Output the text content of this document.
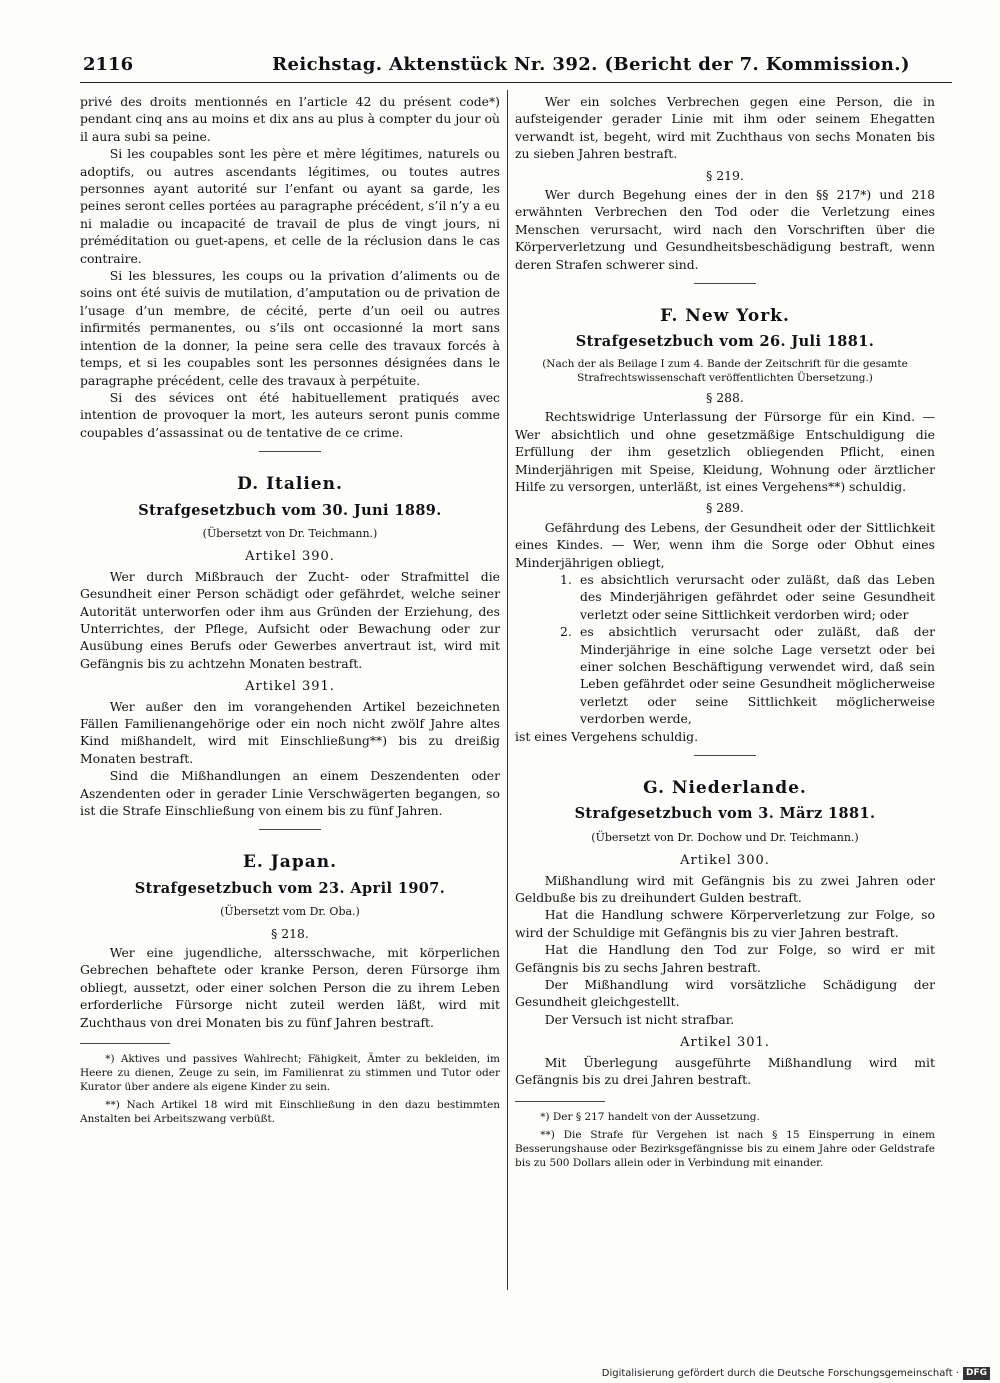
2116	Reichstag. Aktenstück Nr. 392. (Bericht der 7. Kommission.)

privé des droits mentionnés en l’article 42 du présent code*) pendant cinq ans au moins et dix ans au plus à compter du jour où il aura subi sa peine.

Si les coupables sont les père et mère légitimes, naturels ou adoptifs, ou autres ascendants légitimes, ou toutes autres personnes ayant autorité sur l’enfant ou ayant sa garde, les peines seront celles portées au paragraphe précédent, s’il n’y a eu ni maladie ou incapacité de travail de plus de vingt jours, ni préméditation ou guet-apens, et celle de la réclusion dans le cas contraire.

Si les blessures, les coups ou la privation d’aliments ou de soins ont été suivis de mutilation, d’amputation ou de privation de l’usage d’un membre, de cécité, perte d’un oeil ou autres infirmités permanentes, ou s’ils ont occasionné la mort sans intention de la donner, la peine sera celle des travaux forcés à temps, et si les coupables sont les personnes désignées dans le paragraphe précédent, celle des travaux à perpétuite.

Si des sévices ont été habituellement pratiqués avec intention de provoquer la mort, les auteurs seront punis comme coupables d’assassinat ou de tentative de ce crime.

D. Italien.
Strafgesetzbuch vom 30. Juni 1889.
(Übersetzt von Dr. Teichmann.)
Artikel 390.

Wer durch Mißbrauch der Zucht- oder Strafmittel die Gesundheit einer Person schädigt oder gefährdet, welche seiner Autorität unterworfen oder ihm aus Gründen der Erziehung, des Unterrichtes, der Pflege, Aufsicht oder Bewachung oder zur Ausübung eines Berufs oder Gewerbes anvertraut ist, wird mit Gefängnis bis zu achtzehn Monaten bestraft.

Artikel 391.

Wer außer den im vorangehenden Artikel bezeichneten Fällen Familienangehörige oder ein noch nicht zwölf Jahre altes Kind mißhandelt, wird mit Einschließung**) bis zu dreißig Monaten bestraft.

Sind die Mißhandlungen an einem Deszendenten oder Aszendenten oder in gerader Linie Verschwägerten begangen, so ist die Strafe Einschließung von einem bis zu fünf Jahren.

E. Japan.
Strafgesetzbuch vom 23. April 1907.
(Übersetzt vom Dr. Oba.)
§ 218.

Wer eine jugendliche, altersschwache, mit körperlichen Gebrechen behaftete oder kranke Person, deren Fürsorge ihm obliegt, aussetzt, oder einer solchen Person die zu ihrem Leben erforderliche Fürsorge nicht zuteil werden läßt, wird mit Zuchthaus von drei Monaten bis zu fünf Jahren bestraft.

*) Aktives und passives Wahlrecht; Fähigkeit, Ämter zu bekleiden, im Heere zu dienen, Zeuge zu sein, im Familienrat zu stimmen und Tutor oder Kurator über andere als eigene Kinder zu sein.

**) Nach Artikel 18 wird mit Einschließung in den dazu bestimmten Anstalten bei Arbeitszwang verbüßt.

Wer ein solches Verbrechen gegen eine Person, die in aufsteigender gerader Linie mit ihm oder seinem Ehegatten verwandt ist, begeht, wird mit Zuchthaus von sechs Monaten bis zu sieben Jahren bestraft.

§ 219.

Wer durch Begehung eines der in den §§ 217*) und 218 erwähnten Verbrechen den Tod oder die Verletzung eines Menschen verursacht, wird nach den Vorschriften über die Körperverletzung und Gesundheitsbeschädigung bestraft, wenn deren Strafen schwerer sind.

F. New York.
Strafgesetzbuch vom 26. Juli 1881.
(Nach der als Beilage I zum 4. Bande der Zeitschrift für die gesamte Strafrechtswissenschaft veröffentlichten Übersetzung.)
§ 288.

Rechtswidrige Unterlassung der Fürsorge für ein Kind. — Wer absichtlich und ohne gesetzmäßige Entschuldigung die Erfüllung der ihm gesetzlich obliegenden Pflicht, einen Minderjährigen mit Speise, Kleidung, Wohnung oder ärztlicher Hilfe zu versorgen, unterläßt, ist eines Vergehens**) schuldig.

§ 289.

Gefährdung des Lebens, der Gesundheit oder der Sittlichkeit eines Kindes. — Wer, wenn ihm die Sorge oder Obhut eines Minderjährigen obliegt,

1. es absichtlich verursacht oder zuläßt, daß das Leben des Minderjährigen gefährdet oder seine Gesundheit verletzt oder seine Sittlichkeit verdorben wird; oder
2. es absichtlich verursacht oder zuläßt, daß der Minderjährige in eine solche Lage versetzt oder bei einer solchen Beschäftigung verwendet wird, daß sein Leben gefährdet oder seine Gesundheit möglicherweise verletzt oder seine Sittlichkeit möglicherweise verdorben werde,

ist eines Vergehens schuldig.

G. Niederlande.
Strafgesetzbuch vom 3. März 1881.
(Übersetzt von Dr. Dochow und Dr. Teichmann.)
Artikel 300.

Mißhandlung wird mit Gefängnis bis zu zwei Jahren oder Geldbuße bis zu dreihundert Gulden bestraft.

Hat die Handlung schwere Körperverletzung zur Folge, so wird der Schuldige mit Gefängnis bis zu vier Jahren bestraft.

Hat die Handlung den Tod zur Folge, so wird er mit Gefängnis bis zu sechs Jahren bestraft.

Der Mißhandlung wird vorsätzliche Schädigung der Gesundheit gleichgestellt.

Der Versuch ist nicht strafbar.

Artikel 301.

Mit Überlegung ausgeführte Mißhandlung wird mit Gefängnis bis zu drei Jahren bestraft.

*) Der § 217 handelt von der Aussetzung.

**) Die Strafe für Vergehen ist nach § 15 Einsperrung in einem Besserungshause oder Bezirksgefängnisse bis zu einem Jahre oder Geldstrafe bis zu 500 Dollars allein oder in Verbindung mit einander.

Digitalisierung gefördert durch die Deutsche Forschungsgemeinschaft · DFG
